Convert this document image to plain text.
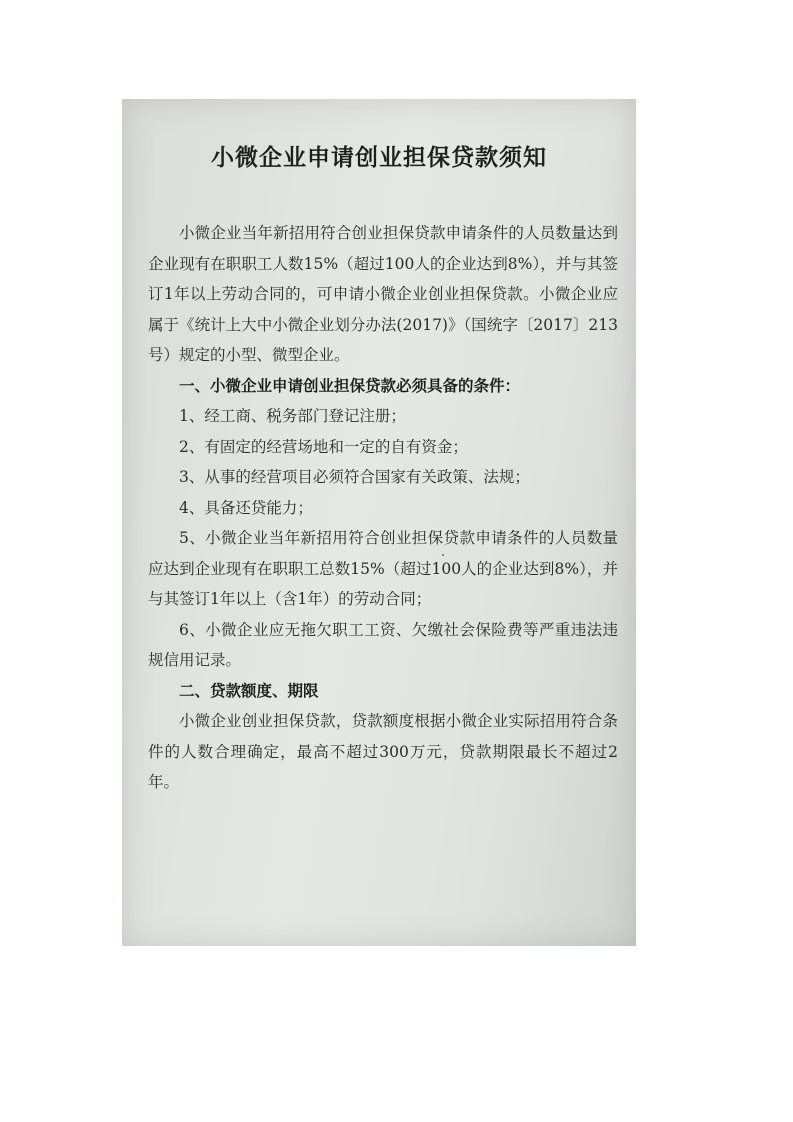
小微企业申请创业担保贷款须知

小微企业当年新招用符合创业担保贷款申请条件的人员数量达到企业现有在职职工人数15%（超过100人的企业达到8%），并与其签订1年以上劳动合同的，可申请小微企业创业担保贷款。小微企业应属于《统计上大中小微企业划分办法(2017)》（国统字〔2017〕213号）规定的小型、微型企业。

一、小微企业申请创业担保贷款必须具备的条件：

1、经工商、税务部门登记注册；

2、有固定的经营场地和一定的自有资金；

3、从事的经营项目必须符合国家有关政策、法规；

4、具备还贷能力；

5、小微企业当年新招用符合创业担保贷款申请条件的人员数量应达到企业现有在职职工总数15%（超过100人的企业达到8%），并与其签订1年以上（含1年）的劳动合同；

6、小微企业应无拖欠职工工资、欠缴社会保险费等严重违法违规信用记录。

二、贷款额度、期限

小微企业创业担保贷款，贷款额度根据小微企业实际招用符合条件的人数合理确定，最高不超过300万元，贷款期限最长不超过2年。
